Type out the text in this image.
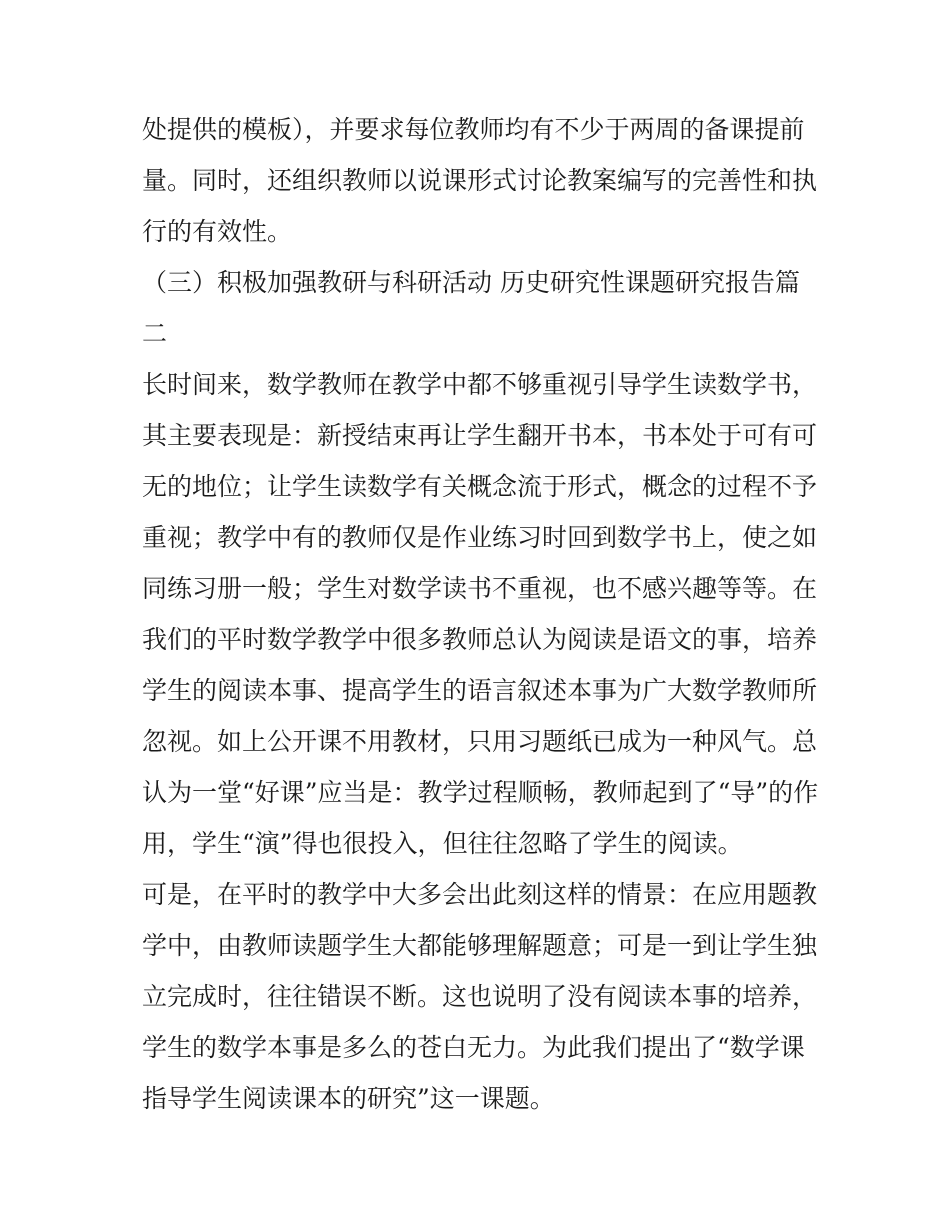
处提供的模板），并要求每位教师均有不少于两周的备课提前
量。同时，还组织教师以说课形式讨论教案编写的完善性和执
行的有效性。
（三）积极加强教研与科研活动 历史研究性课题研究报告篇
二
长时间来，数学教师在教学中都不够重视引导学生读数学书，
其主要表现是：新授结束再让学生翻开书本，书本处于可有可
无的地位；让学生读数学有关概念流于形式，概念的过程不予
重视；教学中有的教师仅是作业练习时回到数学书上，使之如
同练习册一般；学生对数学读书不重视，也不感兴趣等等。在
我们的平时数学教学中很多教师总认为阅读是语文的事，培养
学生的阅读本事、提高学生的语言叙述本事为广大数学教师所
忽视。如上公开课不用教材，只用习题纸已成为一种风气。总
认为一堂“好课”应当是：教学过程顺畅，教师起到了“导”的作
用，学生“演”得也很投入，但往往忽略了学生的阅读。
可是，在平时的教学中大多会出此刻这样的情景：在应用题教
学中，由教师读题学生大都能够理解题意；可是一到让学生独
立完成时，往往错误不断。这也说明了没有阅读本事的培养，
学生的数学本事是多么的苍白无力。为此我们提出了“数学课
指导学生阅读课本的研究”这一课题。
